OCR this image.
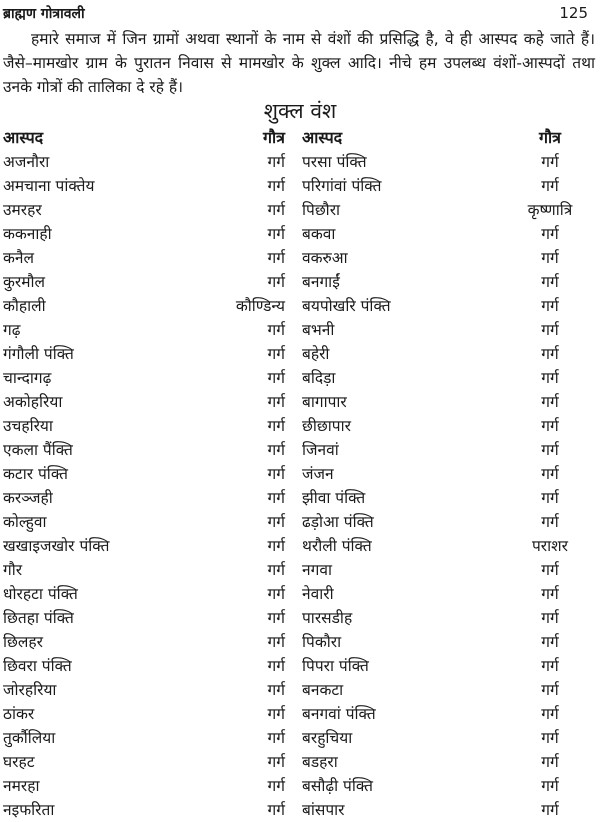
ब्राह्मण गोत्रावली	125
हमारे समाज में जिन ग्रामों अथवा स्थानों के नाम से वंशों की प्रसिद्धि है, वे ही आस्पद कहे जाते हैं। जैसे–मामखोर ग्राम के पुरातन निवास से मामखोर के शुक्ल आदि। नीचे हम उपलब्ध वंशों-आस्पदों तथा उनके गोत्रों की तालिका दे रहे हैं।
शुक्ल वंश
आस्पद	गौत्र आस्पद	गौत्र
अजनौरा	गर्ग परसा पंक्ति	गर्ग
अमचाना पांक्तेय	गर्ग परिगांवां पंक्ति	गर्ग
उमरहर	गर्ग पिछौरा	कृष्णात्रि
ककनाही	गर्ग बकवा	गर्ग
कनैल	गर्ग वकरुआ	गर्ग
कुरमौल	गर्ग बनगाईं	गर्ग
कौहाली	कौण्डिन्य बयपोखरि पंक्ति	गर्ग
गढ़	गर्ग बभनी	गर्ग
गंगौली पंक्ति	गर्ग बहेरी	गर्ग
चान्दागढ़	गर्ग बदिड़ा	गर्ग
अकोहरिया	गर्ग बागापार	गर्ग
उचहरिया	गर्ग छीछापार	गर्ग
एकला पैंक्ति	गर्ग जिनवां	गर्ग
कटार पंक्ति	गर्ग जंजन	गर्ग
करञ्जही	गर्ग झीवा पंक्ति	गर्ग
कोल्हुवा	गर्ग ढड़ोआ पंक्ति	गर्ग
खखाइजखोर पंक्ति	गर्ग थरौली पंक्ति	पराशर
गौर	गर्ग नगवा	गर्ग
धोरहटा पंक्ति	गर्ग नेवारी	गर्ग
छितहा पंक्ति	गर्ग पारसडीह	गर्ग
छिलहर	गर्ग पिकौरा	गर्ग
छिवरा पंक्ति	गर्ग पिपरा पंक्ति	गर्ग
जोरहरिया	गर्ग बनकटा	गर्ग
ठांकर	गर्ग बनगवां पंक्ति	गर्ग
तुर्कौलिया	गर्ग बरहुचिया	गर्ग
घरहट	गर्ग बडहरा	गर्ग
नमरहा	गर्ग बसौढ़ी पंक्ति	गर्ग
नइफरिता	गर्ग बांसपार	गर्ग
